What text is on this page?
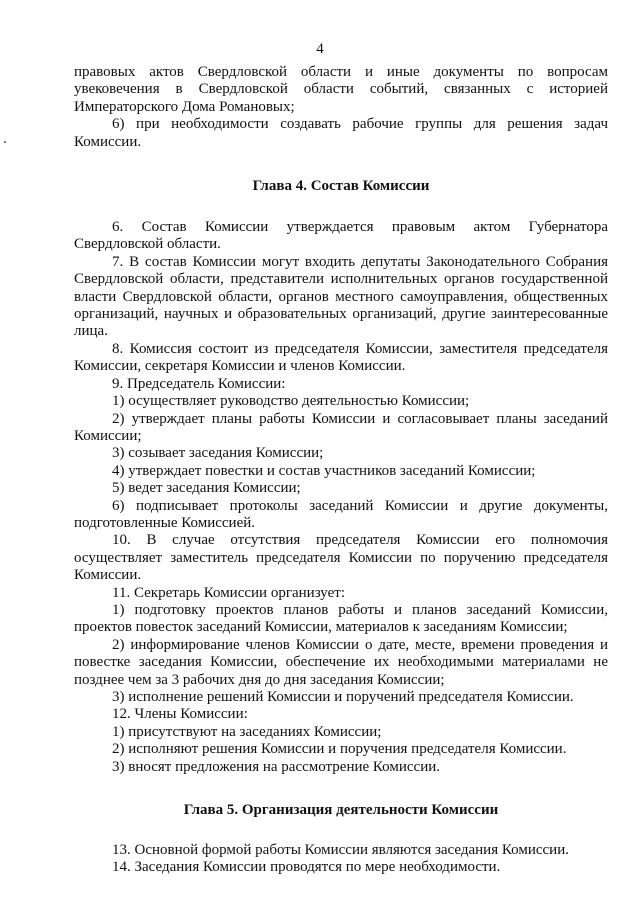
4

правовых актов Свердловской области и иные документы по вопросам увековечения в Свердловской области событий, связанных с историей Императорского Дома Романовых;

6) при необходимости создавать рабочие группы для решения задач Комиссии.

Глава 4. Состав Комиссии

6. Состав Комиссии утверждается правовым актом Губернатора Свердловской области.

7. В состав Комиссии могут входить депутаты Законодательного Собрания Свердловской области, представители исполнительных органов государственной власти Свердловской области, органов местного самоуправления, общественных организаций, научных и образовательных организаций, другие заинтересованные лица.

8. Комиссия состоит из председателя Комиссии, заместителя председателя Комиссии, секретаря Комиссии и членов Комиссии.

9. Председатель Комиссии:

1) осуществляет руководство деятельностью Комиссии;

2) утверждает планы работы Комиссии и согласовывает планы заседаний Комиссии;

3) созывает заседания Комиссии;

4) утверждает повестки и состав участников заседаний Комиссии;

5) ведет заседания Комиссии;

6) подписывает протоколы заседаний Комиссии и другие документы, подготовленные Комиссией.

10. В случае отсутствия председателя Комиссии его полномочия осуществляет заместитель председателя Комиссии по поручению председателя Комиссии.

11. Секретарь Комиссии организует:

1) подготовку проектов планов работы и планов заседаний Комиссии, проектов повесток заседаний Комиссии, материалов к заседаниям Комиссии;

2) информирование членов Комиссии о дате, месте, времени проведения и повестке заседания Комиссии, обеспечение их необходимыми материалами не позднее чем за 3 рабочих дня до дня заседания Комиссии;

3) исполнение решений Комиссии и поручений председателя Комиссии.

12. Члены Комиссии:

1) присутствуют на заседаниях Комиссии;

2) исполняют решения Комиссии и поручения председателя Комиссии.

3) вносят предложения на рассмотрение Комиссии.

Глава 5. Организация деятельности Комиссии

13. Основной формой работы Комиссии являются заседания Комиссии.

14. Заседания Комиссии проводятся по мере необходимости.
